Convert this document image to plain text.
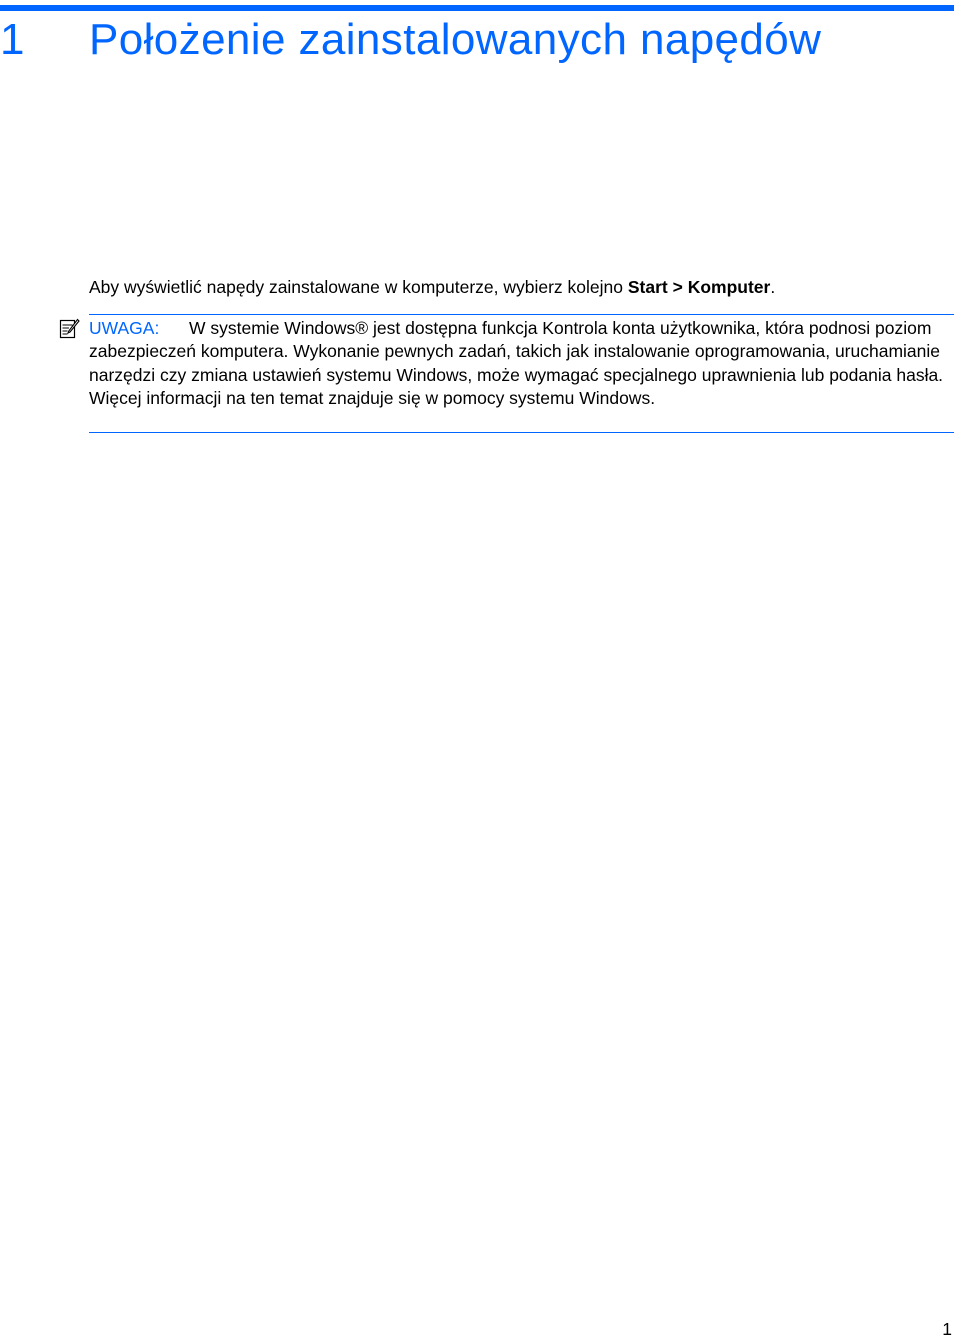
1 Położenie zainstalowanych napędów
Aby wyświetlić napędy zainstalowane w komputerze, wybierz kolejno Start > Komputer.
UWAGA: W systemie Windows® jest dostępna funkcja Kontrola konta użytkownika, która podnosi poziom zabezpieczeń komputera. Wykonanie pewnych zadań, takich jak instalowanie oprogramowania, uruchamianie narzędzi czy zmiana ustawień systemu Windows, może wymagać specjalnego uprawnienia lub podania hasła. Więcej informacji na ten temat znajduje się w pomocy systemu Windows.
1
